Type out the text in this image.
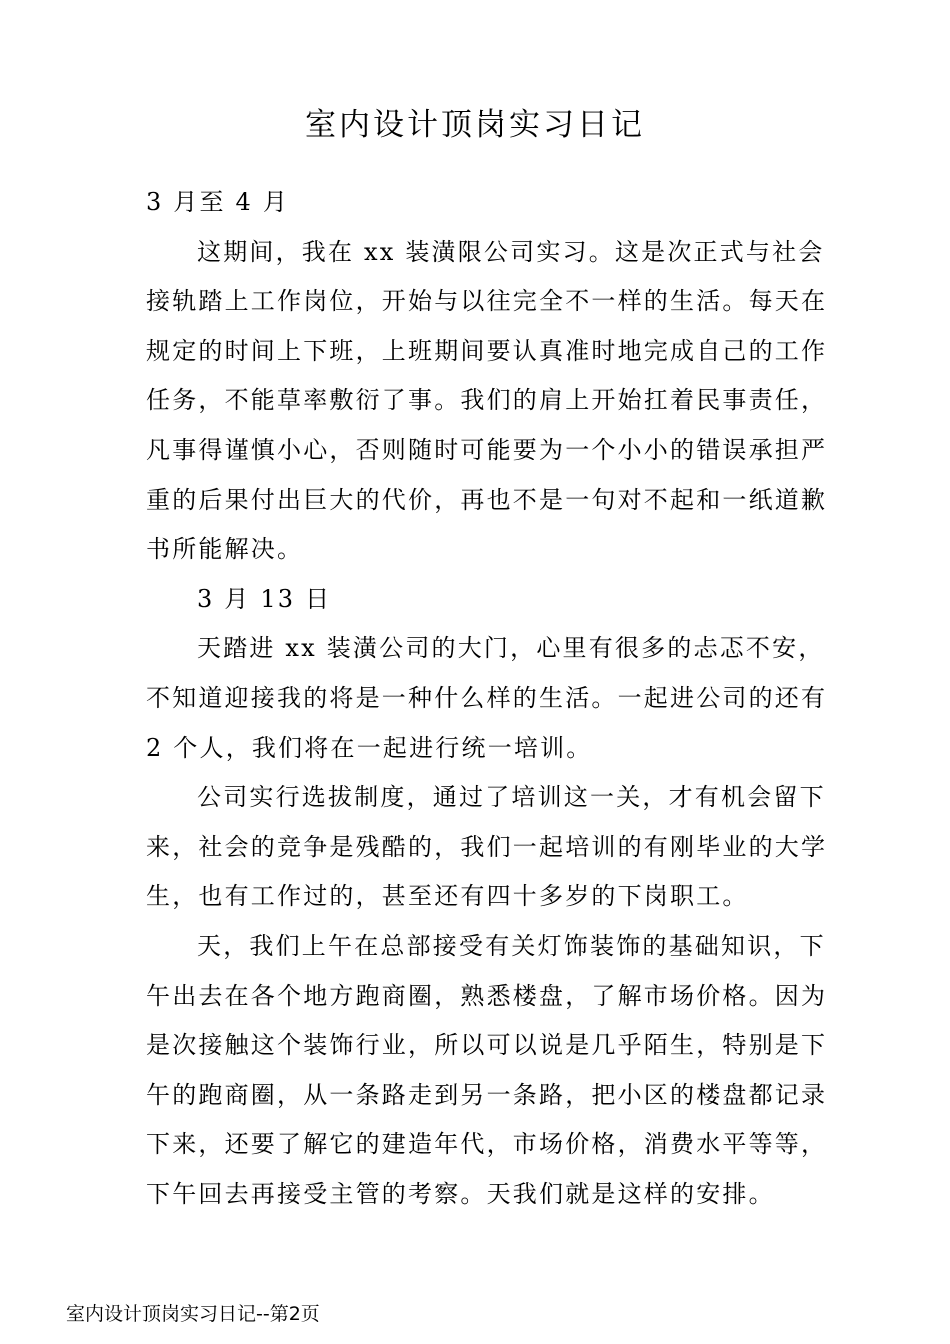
室内设计顶岗实习日记

3 月至 4 月

这期间，我在 xx 装潢限公司实习。这是次正式与社会

接轨踏上工作岗位，开始与以往完全不一样的生活。每天在

规定的时间上下班，上班期间要认真准时地完成自己的工作

任务，不能草率敷衍了事。我们的肩上开始扛着民事责任，

凡事得谨慎小心，否则随时可能要为一个小小的错误承担严

重的后果付出巨大的代价，再也不是一句对不起和一纸道歉

书所能解决。

3 月 13 日

天踏进 xx 装潢公司的大门，心里有很多的忐忑不安，

不知道迎接我的将是一种什么样的生活。一起进公司的还有

2 个人，我们将在一起进行统一培训。

公司实行选拔制度，通过了培训这一关，才有机会留下

来，社会的竞争是残酷的，我们一起培训的有刚毕业的大学

生，也有工作过的，甚至还有四十多岁的下岗职工。

天，我们上午在总部接受有关灯饰装饰的基础知识，下

午出去在各个地方跑商圈，熟悉楼盘，了解市场价格。因为

是次接触这个装饰行业，所以可以说是几乎陌生，特别是下

午的跑商圈，从一条路走到另一条路，把小区的楼盘都记录

下来，还要了解它的建造年代，市场价格，消费水平等等，

下午回去再接受主管的考察。天我们就是这样的安排。

室内设计顶岗实习日记--第2页
